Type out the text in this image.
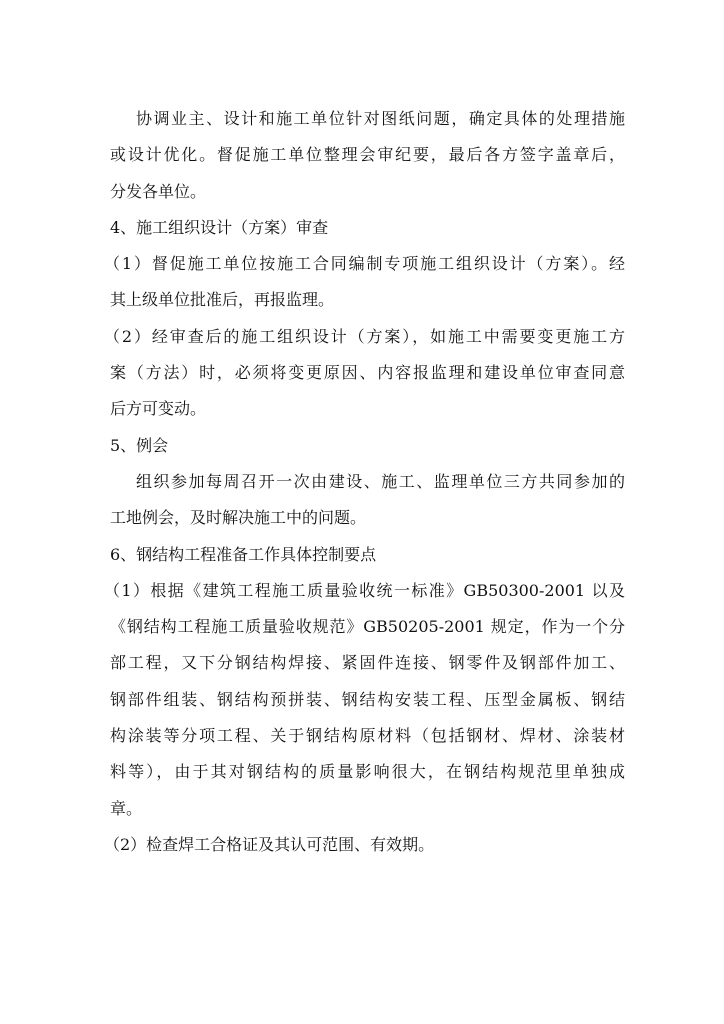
协调业主、设计和施工单位针对图纸问题，确定具体的处理措施
或设计优化。督促施工单位整理会审纪要，最后各方签字盖章后，
分发各单位。
4、施工组织设计（方案）审查
（1）督促施工单位按施工合同编制专项施工组织设计（方案）。经
其上级单位批准后，再报监理。
（2）经审查后的施工组织设计（方案），如施工中需要变更施工方
案（方法）时，必须将变更原因、内容报监理和建设单位审查同意
后方可变动。
5、例会
组织参加每周召开一次由建设、施工、监理单位三方共同参加的
工地例会，及时解决施工中的问题。
6、钢结构工程准备工作具体控制要点
（1）根据《建筑工程施工质量验收统一标准》GB50300-2001 以及
《钢结构工程施工质量验收规范》GB50205-2001 规定，作为一个分
部工程，又下分钢结构焊接、紧固件连接、钢零件及钢部件加工、
钢部件组装、钢结构预拼装、钢结构安装工程、压型金属板、钢结
构涂装等分项工程、关于钢结构原材料（包括钢材、焊材、涂装材
料等），由于其对钢结构的质量影响很大，在钢结构规范里单独成
章。
（2）检查焊工合格证及其认可范围、有效期。
